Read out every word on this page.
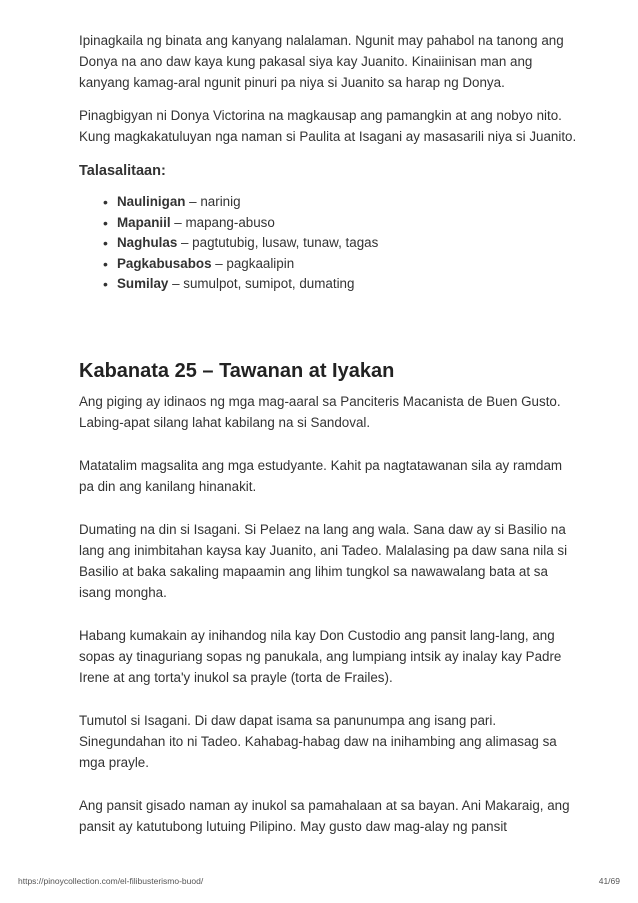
Ipinagkaila ng binata ang kanyang nalalaman. Ngunit may pahabol na tanong ang Donya na ano daw kaya kung pakasal siya kay Juanito. Kinaiinisan man ang kanyang kamag-aral ngunit pinuri pa niya si Juanito sa harap ng Donya.

Pinagbigyan ni Donya Victorina na magkausap ang pamangkin at ang nobyo nito. Kung magkakatuluyan nga naman si Paulita at Isagani ay masasarili niya si Juanito.

Talasalitaan:
• Naulinigan – narinig
• Mapaniil – mapang-abuso
• Naghulas – pagtutubig, lusaw, tunaw, tagas
• Pagkabusabos – pagkaalipin
• Sumilay – sumulpot, sumipot, dumating
Kabanata 25 – Tawanan at Iyakan

Ang piging ay idinaos ng mga mag-aaral sa Panciteris Macanista de Buen Gusto. Labing-apat silang lahat kabilang na si Sandoval.

Matatalim magsalita ang mga estudyante. Kahit pa nagtatawanan sila ay ramdam pa din ang kanilang hinanakit.

Dumating na din si Isagani. Si Pelaez na lang ang wala. Sana daw ay si Basilio na lang ang inimbitahan kaysa kay Juanito, ani Tadeo. Malalasing pa daw sana nila si Basilio at baka sakaling mapaamin ang lihim tungkol sa nawawalang bata at sa isang mongha.

Habang kumakain ay inihandog nila kay Don Custodio ang pansit lang-lang, ang sopas ay tinaguriang sopas ng panukala, ang lumpiang intsik ay inalay kay Padre Irene at ang torta'y inukol sa prayle (torta de Frailes).

Tumutol si Isagani. Di daw dapat isama sa panunumpa ang isang pari. Sinegundahan ito ni Tadeo. Kahabag-habag daw na inihambing ang alimasag sa mga prayle.

Ang pansit gisado naman ay inukol sa pamahalaan at sa bayan. Ani Makaraig, ang pansit ay katutubong lutuing Pilipino. May gusto daw mag-alay ng pansit

https://pinoycollection.com/el-filibusterismo-buod/	41/69
